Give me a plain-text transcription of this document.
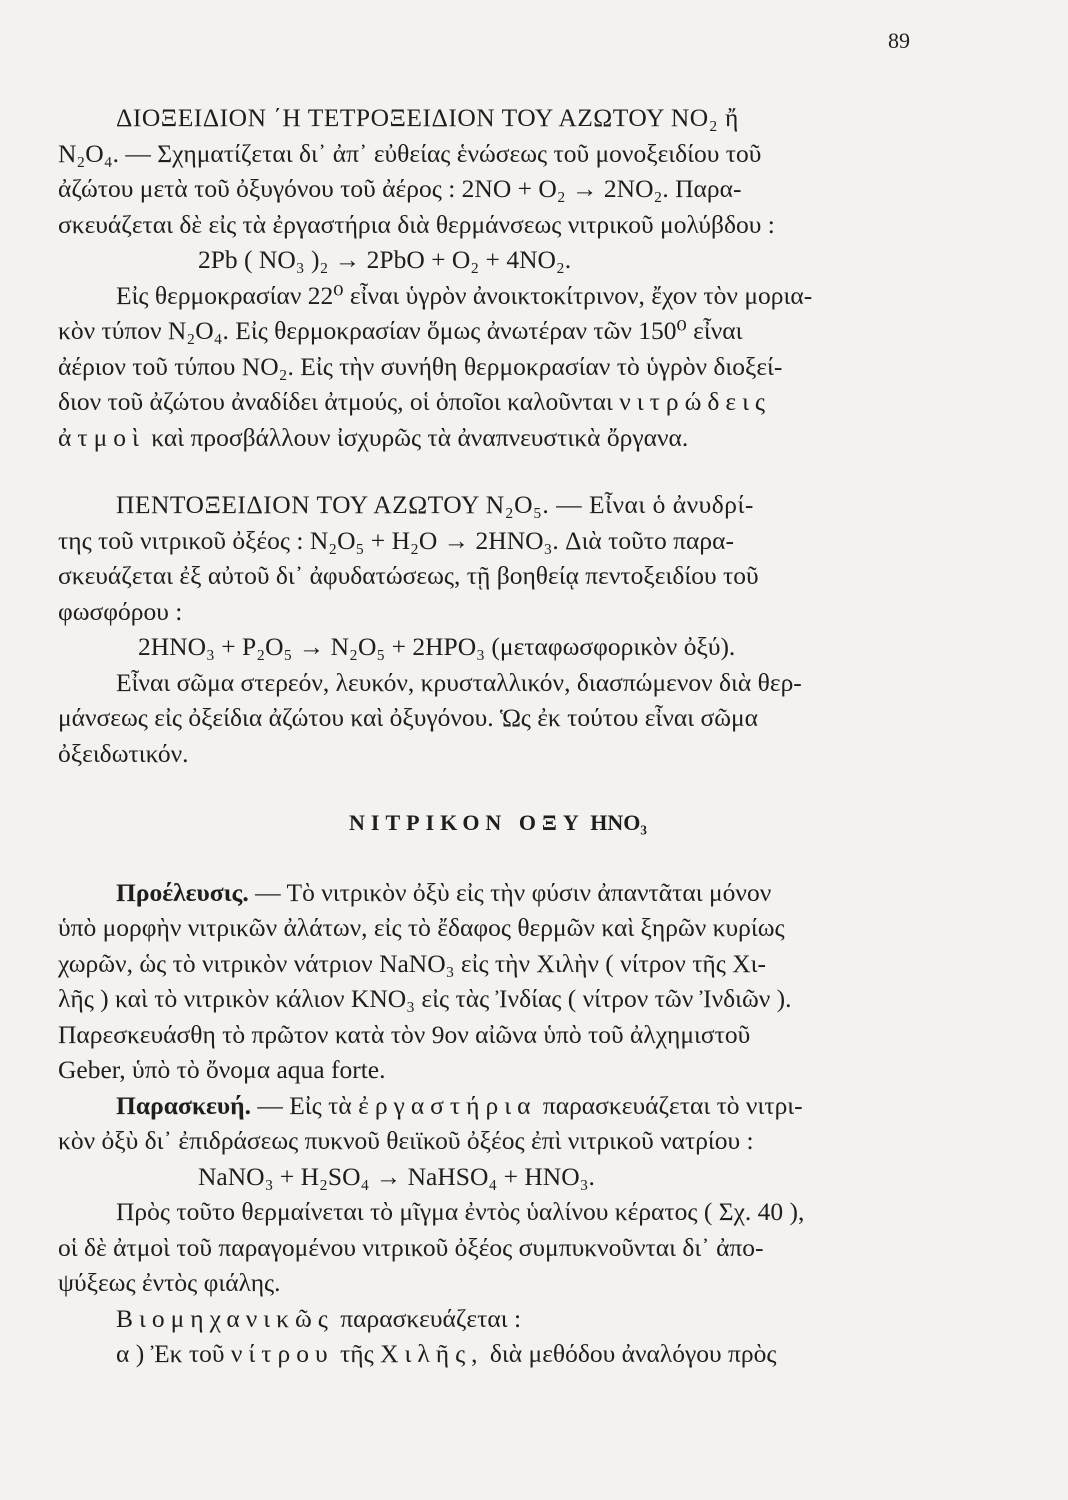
89

ΔΙΟΞΕΙΔΙΟΝ ΄Η ΤΕΤΡΟΞΕΙΔΙΟΝ ΤΟΥ ΑΖΩΤΟΥ ΝΟ₂ ἤ

Ν₂Ο₄. — Σχηματίζεται δι᾽ ἀπ᾽ εὐθείας ἑνώσεως τοῦ μονοξειδίου τοῦ

ἀζώτου μετὰ τοῦ ὀξυγόνου τοῦ ἀέρος : 2NO + O₂ → 2NO₂. Παρα-

σκευάζεται δὲ εἰς τὰ ἐργαστήρια διὰ θερμάνσεως νιτρικοῦ μολύβδου :

2Pb ( NO₃ )₂ → 2PbO + O₂ + 4NO₂.

Εἰς θερμοκρασίαν 22⁰ εἶναι ὑγρὸν ἀνοικτοκίτρινον, ἔχον τὸν μορια-

κὸν τύπον Ν₂Ο₄. Εἰς θερμοκρασίαν ὅμως ἀνωτέραν τῶν 150⁰ εἶναι

ἀέριον τοῦ τύπου ΝΟ₂. Εἰς τὴν συνήθη θερμοκρασίαν τὸ ὑγρὸν διοξεί-

διον τοῦ ἀζώτου ἀναδίδει ἀτμούς, οἱ ὁποῖοι καλοῦνται νιτρώδεις

ἀτμοὶ καὶ προσβάλλουν ἰσχυρῶς τὰ ἀναπνευστικὰ ὄργανα.

ΠΕΝΤΟΞΕΙΔΙΟΝ ΤΟΥ ΑΖΩΤΟΥ Ν₂Ο₅. — Εἶναι ὁ ἀνυδρί-

της τοῦ νιτρικοῦ ὀξέος : N₂O₅ + H₂O → 2HNO₃. Διὰ τοῦτο παρα-

σκευάζεται ἐξ αὐτοῦ δι᾽ ἀφυδατώσεως, τῇ βοηθείᾳ πεντοξειδίου τοῦ

φωσφόρου :

2HNO₃ + P₂O₅ → N₂O₅ + 2HPO₃ (μεταφωσφορικὸν ὀξύ).

Εἶναι σῶμα στερεόν, λευκόν, κρυσταλλικόν, διασπώμενον διὰ θερ-

μάνσεως εἰς ὀξείδια ἀζώτου καὶ ὀξυγόνου. Ὡς ἐκ τούτου εἶναι σῶμα

ὀξειδωτικόν.

ΝΙΤΡΙΚΟΝ ΟΞΥ HNO₃

Προέλευσις. — Τὸ νιτρικὸν ὀξὺ εἰς τὴν φύσιν ἀπαντᾶται μόνον

ὑπὸ μορφὴν νιτρικῶν ἀλάτων, εἰς τὸ ἔδαφος θερμῶν καὶ ξηρῶν κυρίως

χωρῶν, ὡς τὸ νιτρικὸν νάτριον NaNO₃ εἰς τὴν Χιλὴν ( νίτρον τῆς Χι-

λῆς ) καὶ τὸ νιτρικὸν κάλιον KNO₃ εἰς τὰς Ἰνδίας ( νίτρον τῶν Ἰνδιῶν ).

Παρεσκευάσθη τὸ πρῶτον κατὰ τὸν 9ον αἰῶνα ὑπὸ τοῦ ἀλχημιστοῦ

Geber, ὑπὸ τὸ ὄνομα aqua forte.

Παρασκευή. — Εἰς τὰ ἐργαστήρια παρασκευάζεται τὸ νιτρι-

κὸν ὀξὺ δι᾽ ἐπιδράσεως πυκνοῦ θειϊκοῦ ὀξέος ἐπὶ νιτρικοῦ νατρίου :

NaNO₃ + H₂SO₄ → NaHSO₄ + HNO₃.

Πρὸς τοῦτο θερμαίνεται τὸ μῖγμα ἐντὸς ὑαλίνου κέρατος ( Σχ. 40 ),

οἱ δὲ ἀτμοὶ τοῦ παραγομένου νιτρικοῦ ὀξέος συμπυκνοῦνται δι᾽ ἀπο-

ψύξεως ἐντὸς φιάλης.

Βιομηχανικῶς παρασκευάζεται :

α ) Ἐκ τοῦ νίτρου τῆς Χιλῆς, διὰ μεθόδου ἀναλόγου πρὸς
